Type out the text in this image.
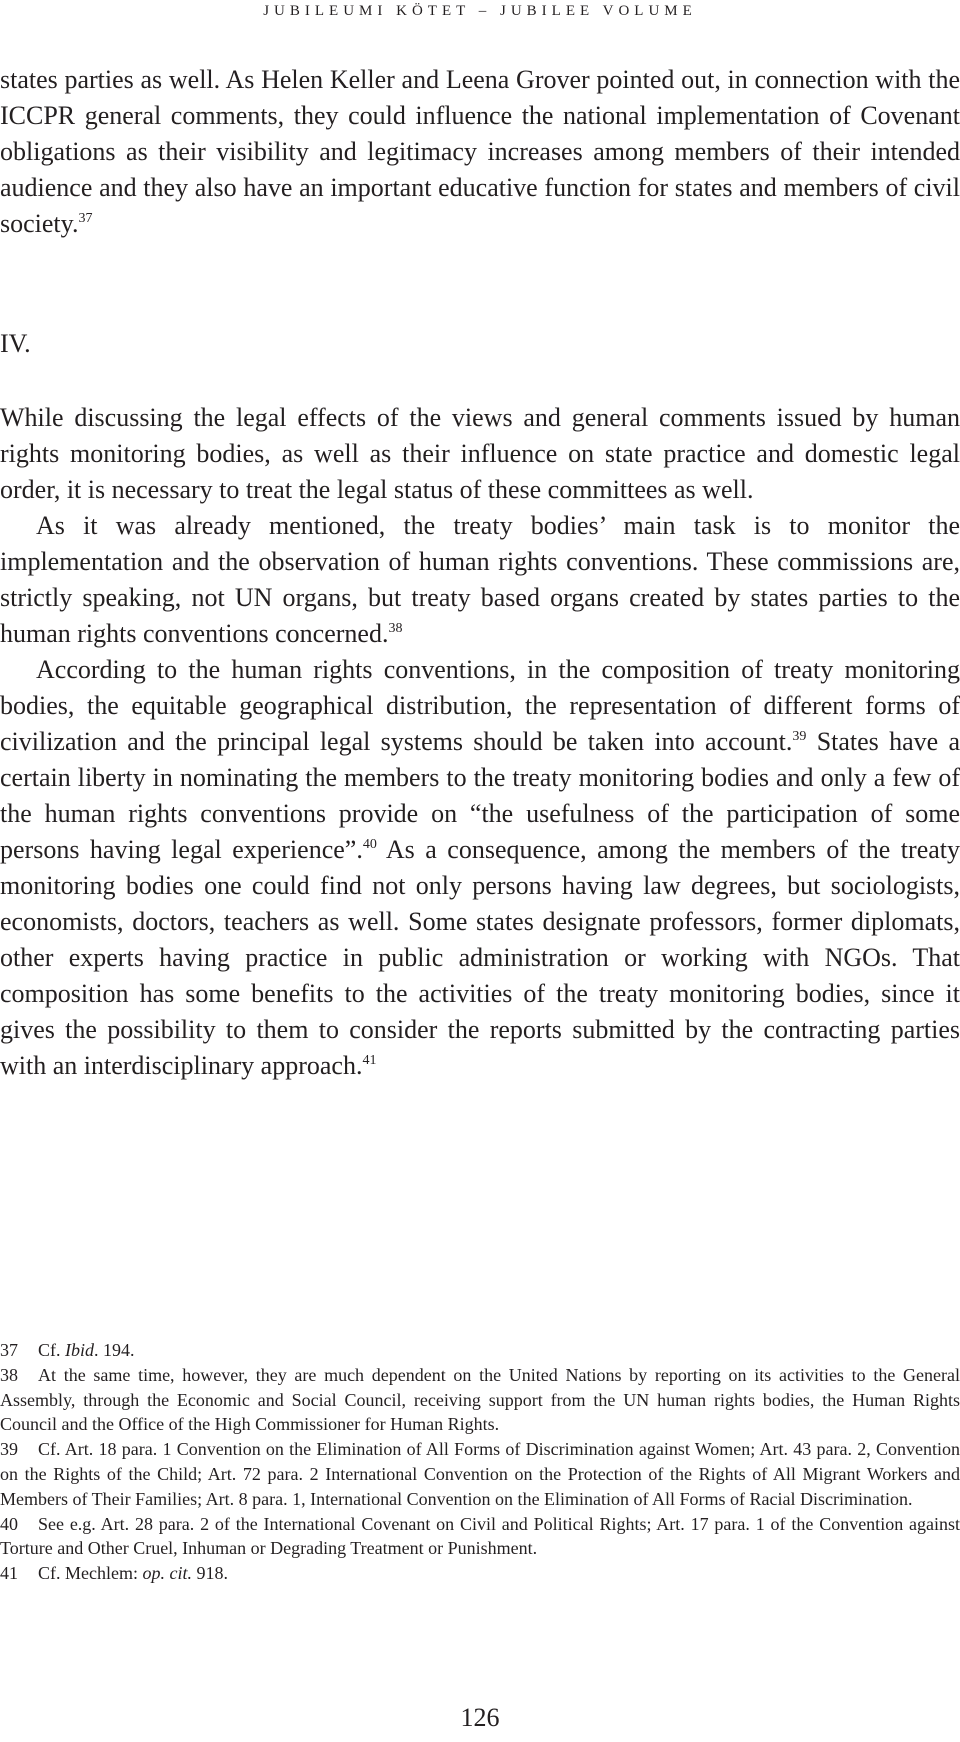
JUBILEUMI KÖTET – JUBILEE VOLUME

states parties as well. As Helen Keller and Leena Grover pointed out, in connection with the ICCPR general comments, they could influence the national implementation of Covenant obligations as their visibility and legitimacy increases among members of their intended audience and they also have an important educative function for states and members of civil society.$^{37}$

IV.

While discussing the legal effects of the views and general comments issued by human rights monitoring bodies, as well as their influence on state practice and domestic legal order, it is necessary to treat the legal status of these committees as well.

As it was already mentioned, the treaty bodies’ main task is to monitor the implementation and the observation of human rights conventions. These commissions are, strictly speaking, not UN organs, but treaty based organs created by states parties to the human rights conventions concerned.$^{38}$

According to the human rights conventions, in the composition of treaty monitoring bodies, the equitable geographical distribution, the representation of different forms of civilization and the principal legal systems should be taken into account.$^{39}$ States have a certain liberty in nominating the members to the treaty monitoring bodies and only a few of the human rights conventions provide on “the usefulness of the participation of some persons having legal experience”.$^{40}$ As a consequence, among the members of the treaty monitoring bodies one could find not only persons having law degrees, but sociologists, economists, doctors, teachers as well. Some states designate professors, former diplomats, other experts having practice in public administration or working with NGOs. That composition has some benefits to the activities of the treaty monitoring bodies, since it gives the possibility to them to consider the reports submitted by the contracting parties with an interdisciplinary approach.$^{41}$

37 Cf. Ibid. 194.

38 At the same time, however, they are much dependent on the United Nations by reporting on its activities to the General Assembly, through the Economic and Social Council, receiving support from the UN human rights bodies, the Human Rights Council and the Office of the High Commissioner for Human Rights.

39 Cf. Art. 18 para. 1 Convention on the Elimination of All Forms of Discrimination against Women; Art. 43 para. 2, Convention on the Rights of the Child; Art. 72 para. 2 International Convention on the Protection of the Rights of All Migrant Workers and Members of Their Families; Art. 8 para. 1, International Convention on the Elimination of All Forms of Racial Discrimination.

40 See e.g. Art. 28 para. 2 of the International Covenant on Civil and Political Rights; Art. 17 para. 1 of the Convention against Torture and Other Cruel, Inhuman or Degrading Treatment or Punishment.

41 Cf. Mechlem: op. cit. 918.

126
